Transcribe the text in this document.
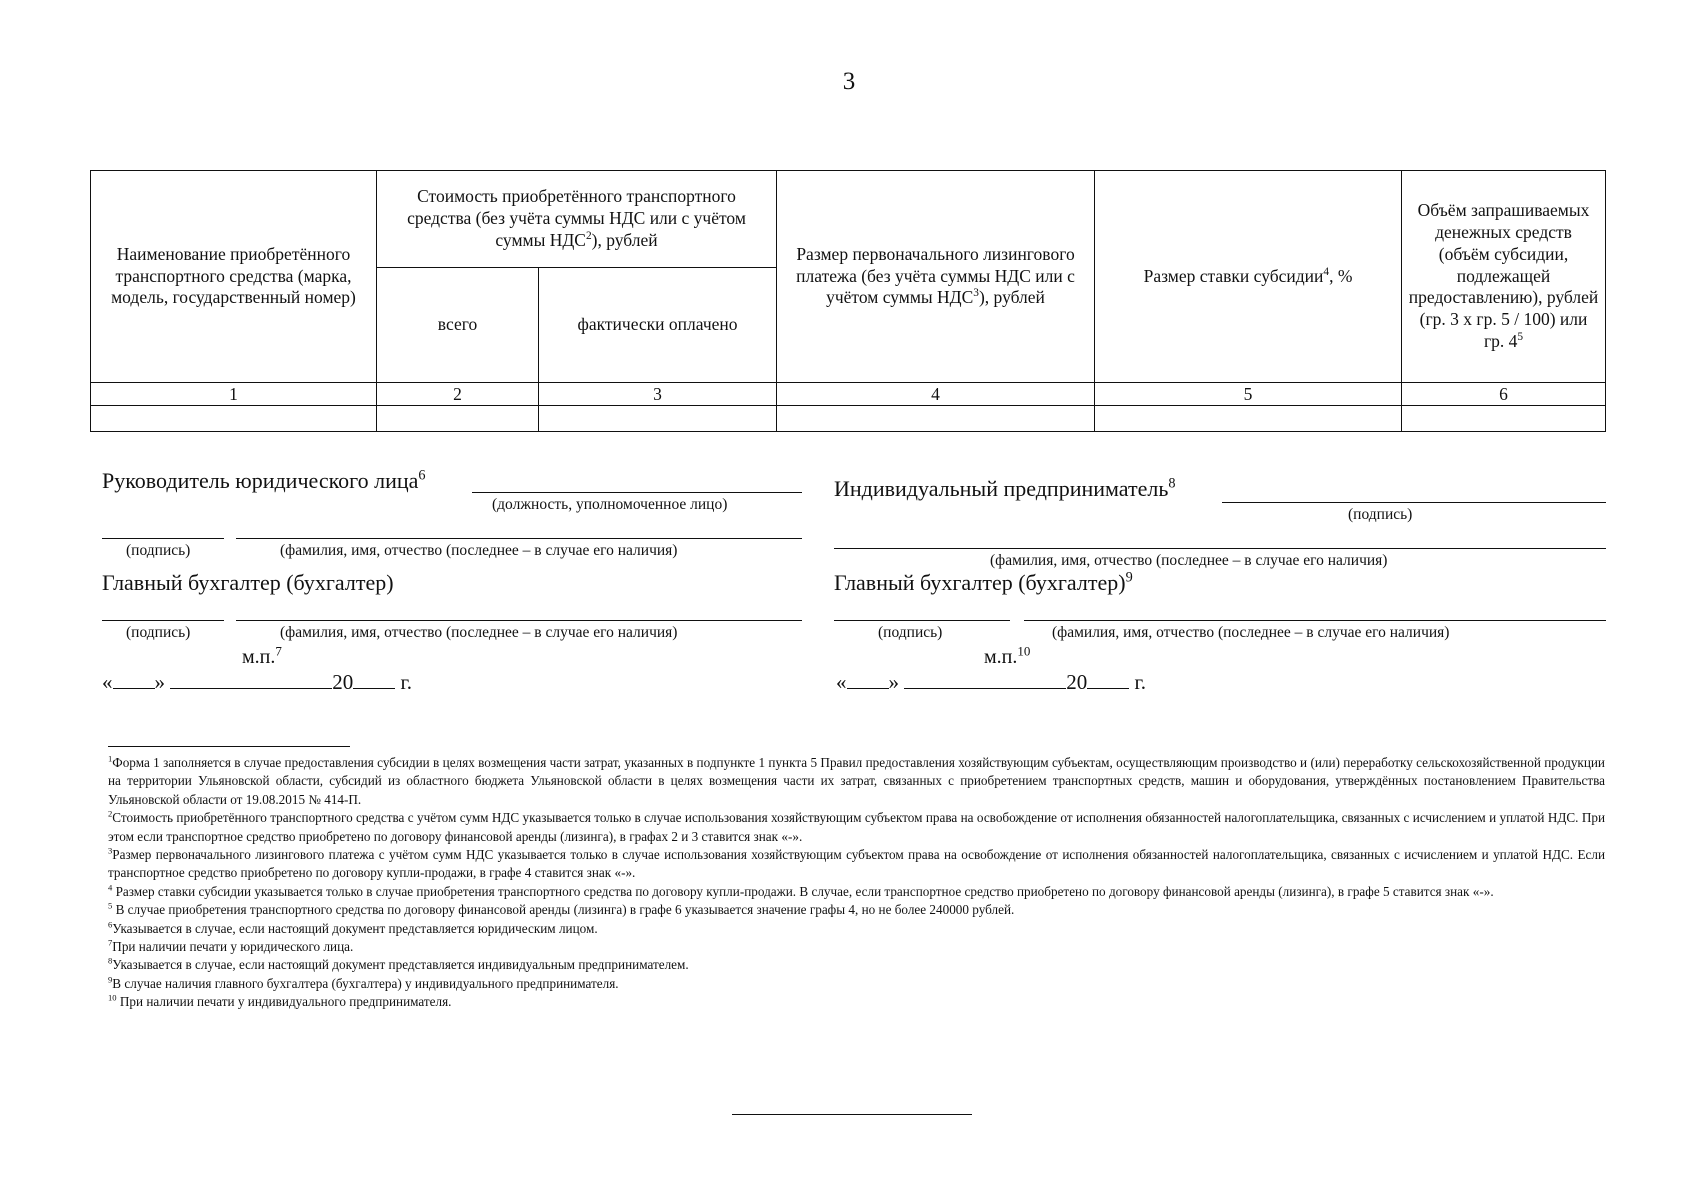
3
Наименование приобретённого транспортного средства (марка, модель, государственный номер)	Стоимость приобретённого транспортного средства (без учёта суммы НДС или с учётом суммы НДС$^2$), рублей		Размер первоначального лизингового платежа (без учёта суммы НДС или с учётом суммы НДС$^3$), рублей	Размер ставки субсидии$^4$, %	Объём запрашиваемых денежных средств (объём субсидии, подлежащей предоставлению), рублей (гр. 3 х гр. 5 / 100) или гр. $4^5$
	всего	фактически оплачено			
1	2	3	4	5	6

Руководитель юридического лица$^6$
(должность, уполномоченное лицо)
(подпись)	(фамилия, имя, отчество (последнее – в случае его наличия)
Главный бухгалтер (бухгалтер)
(подпись)	(фамилия, имя, отчество (последнее – в случае его наличия)
м.п.$^7$
« »	20 г.
Индивидуальный предприниматель$^8$
(подпись)
(фамилия, имя, отчество (последнее – в случае его наличия)
Главный бухгалтер (бухгалтер)$^9$
(подпись)	(фамилия, имя, отчество (последнее – в случае его наличия)
м.п.$^{10}$
« »	20 г.

$^1$Форма 1 заполняется в случае предоставления субсидии в целях возмещения части затрат, указанных в подпункте 1 пункта 5 Правил предоставления хозяйствующим субъектам, осуществляющим производство и (или) переработку сельскохозяйственной продукции на территории Ульяновской области, субсидий из областного бюджета Ульяновской области в целях возмещения части их затрат, связанных с приобретением транспортных средств, машин и оборудования, утверждённых постановлением Правительства Ульяновской области от 19.08.2015 № 414-П.

$^2$Стоимость приобретённого транспортного средства с учётом сумм НДС указывается только в случае использования хозяйствующим субъектом права на освобождение от исполнения обязанностей налогоплательщика, связанных с исчислением и уплатой НДС. При этом если транспортное средство приобретено по договору финансовой аренды (лизинга), в графах 2 и 3 ставится знак «-».

$^3$Размер первоначального лизингового платежа с учётом сумм НДС указывается только в случае использования хозяйствующим субъектом права на освобождение от исполнения обязанностей налогоплательщика, связанных с исчислением и уплатой НДС. Если транспортное средство приобретено по договору купли-продажи, в графе 4 ставится знак «-».

$^4$ Размер ставки субсидии указывается только в случае приобретения транспортного средства по договору купли-продажи. В случае, если транспортное средство приобретено по договору финансовой аренды (лизинга), в графе 5 ставится знак «-».

$^5$ В случае приобретения транспортного средства по договору финансовой аренды (лизинга) в графе 6 указывается значение графы 4, но не более 240000 рублей.

$^6$Указывается в случае, если настоящий документ представляется юридическим лицом.

$^7$При наличии печати у юридического лица.

$^8$Указывается в случае, если настоящий документ представляется индивидуальным предпринимателем.

$^9$В случае наличия главного бухгалтера (бухгалтера) у индивидуального предпринимателя.

$^{10}$ При наличии печати у индивидуального предпринимателя.
